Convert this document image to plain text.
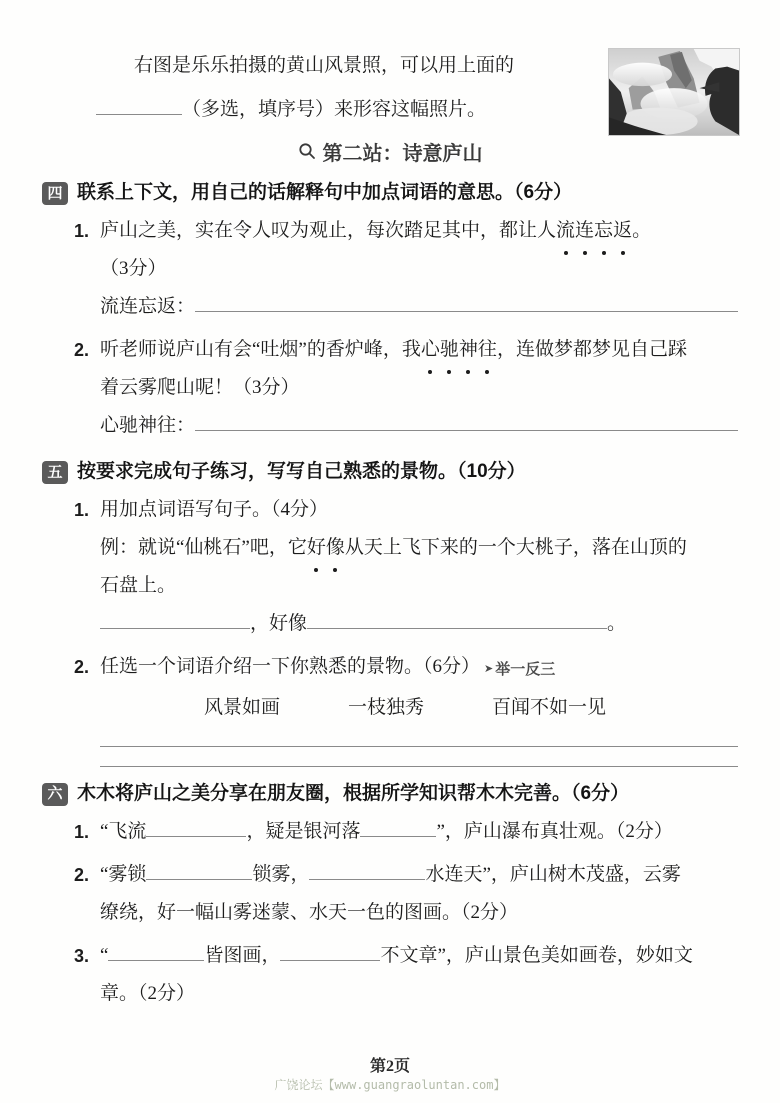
右图是乐乐拍摄的黄山风景照，可以用上面的
（多选，填序号）来形容这幅照片。
第二站：诗意庐山
四 联系上下文，用自己的话解释句中加点词语的意思。（6分）
1. 庐山之美，实在令人叹为观止，每次踏足其中，都让人 流连忘返 。
（3分）
流连忘返：
2. 听老师说庐山有会“吐烟”的香炉峰，我 心驰神往 ，连做梦都梦见自己踩
着云雾爬山呢！（3分）
心驰神往：
五 按要求完成句子练习，写写自己熟悉的景物。（10分）
1. 用加点词语写句子。（4分）
例：就说“仙桃石”吧，它 好像 从天上飞下来的一个大桃子，落在山顶的
石盘上。
，好像	。
2. 任选一个词语介绍一下你熟悉的景物。（6分） ➤ 举一反三
风景如画	一枝独秀	百闻不如一见
六 木木将庐山之美分享在朋友圈，根据所学知识帮木木完善。（6分）
1. “飞流	，疑是银河落	”，庐山瀑布真壮观。（2分）
2. “雾锁	锁雾，	水连天”，庐山树木茂盛，云雾
缭绕，好一幅山雾迷蒙、水天一色的图画。（2分）
3. “	皆图画，	不文章”，庐山景色美如画卷，妙如文
章。（2分）
第2页
广饶论坛【www.guangraoluntan.com】
